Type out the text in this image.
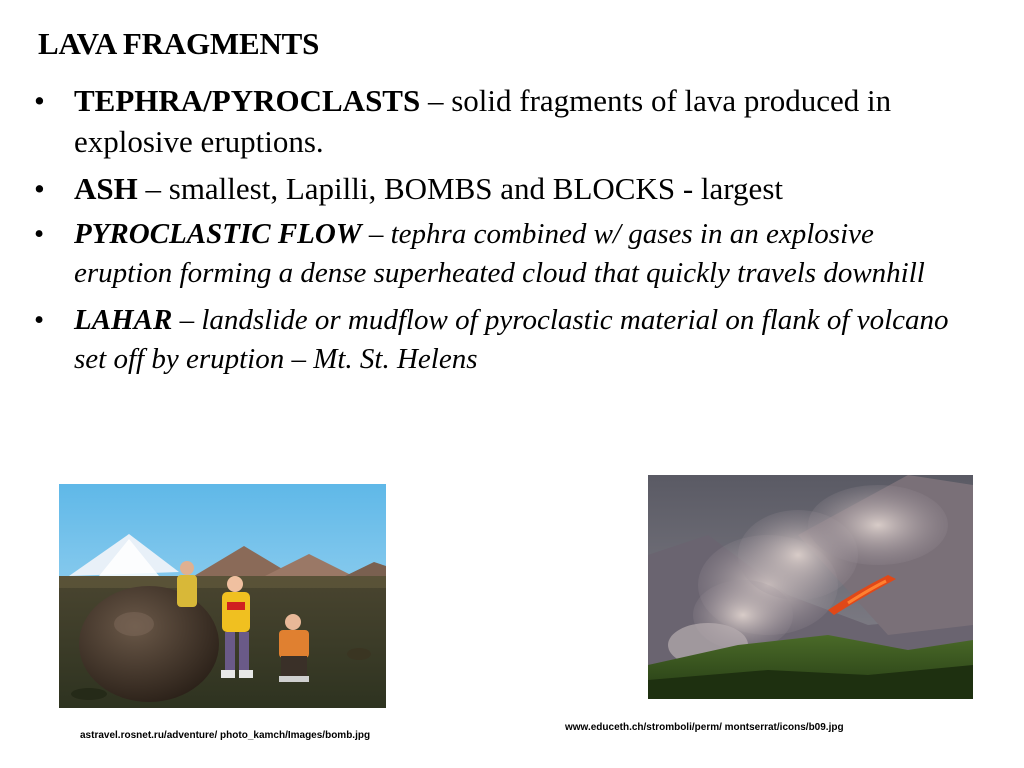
LAVA FRAGMENTS
• TEPHRA/PYROCLASTS – solid fragments of lava produced in explosive eruptions.
• ASH – smallest, Lapilli, BOMBS and BLOCKS - largest
• PYROCLASTIC FLOW – tephra combined w/ gases in an explosive eruption forming a dense superheated cloud that quickly travels downhill
• LAHAR – landslide or mudflow of pyroclastic material on flank of volcano set off by eruption – Mt. St. Helens
astravel.rosnet.ru/adventure/ photo_kamch/Images/bomb.jpg
www.educeth.ch/stromboli/perm/ montserrat/icons/b09.jpg
